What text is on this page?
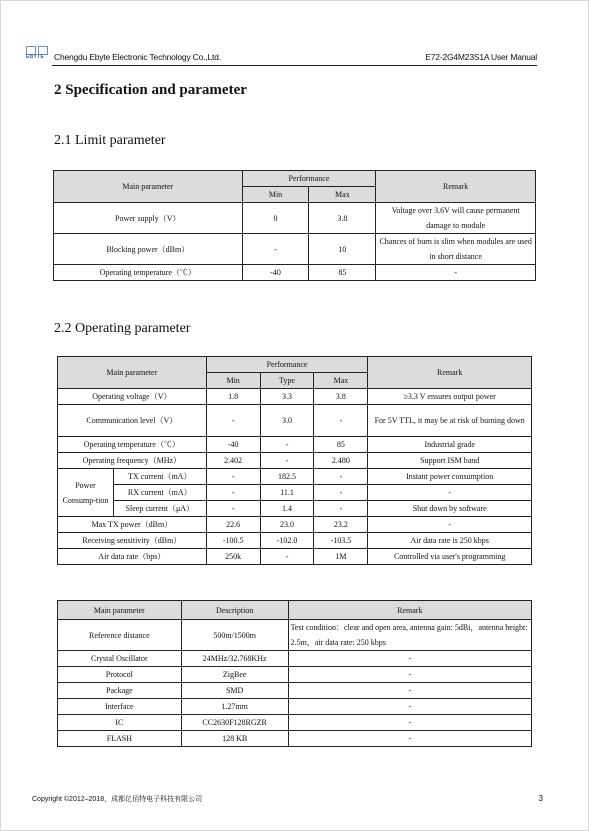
EBYTE Chengdu Ebyte Electronic Technology Co.,Ltd.	E72-2G4M23S1A User Manual
2 Specification and parameter
2.1 Limit parameter
Main parameter	Performance		Remark
	Min	Max	
Power supply（V）	0	3.8	Voltage over 3.6V will cause permanent damage to module
Blocking power（dBm）	-	10	Chances of burn is slim when modules are used in short distance
Operating temperature（℃）	-40	85	-
2.2 Operating parameter
Main parameter		Performance			Remark
		Min	Type	Max	
Operating voltage（V）		1.8	3.3	3.8	≥3.3 V ensures output power
Communication level（V）		-	3.0	-	For 5V TTL, it may be at risk of burning down
Operating temperature（℃）		-40	-	85	Industrial grade
Operating frequency（MHz）		2.402	-	2.480	Support ISM band
Power Consump-tion	TX current（mA）	-	182.5	-	Instant power consumption
	RX current（mA）	-	11.1	-	-
	Sleep current（μA）	-	1.4	-	Shut down by software
Max TX power（dBm）		22.6	23.0	23.2	-
Receiving sensitivity（dBm）		-100.5	-102.0	-103.5	Air data rate is 250 kbps
Air data rate（bps）		250k	-	1M	Controlled via user's programming
Main parameter	Description	Remark
Reference distance	500m/1500m	Test condition：clear and open area, antenna gain: 5dBi，antenna height: 2.5m，air data rate: 250 kbps
Crystal Oscillator	24MHz/32.768KHz	-
Protocol	ZigBee	-
Package	SMD	-
Interface	1.27mm	-
IC	CC2630F128RGZR	-
FLASH	128 KB	-
Copyright ©2012–2018，成都亿佰特电子科技有限公司	3
